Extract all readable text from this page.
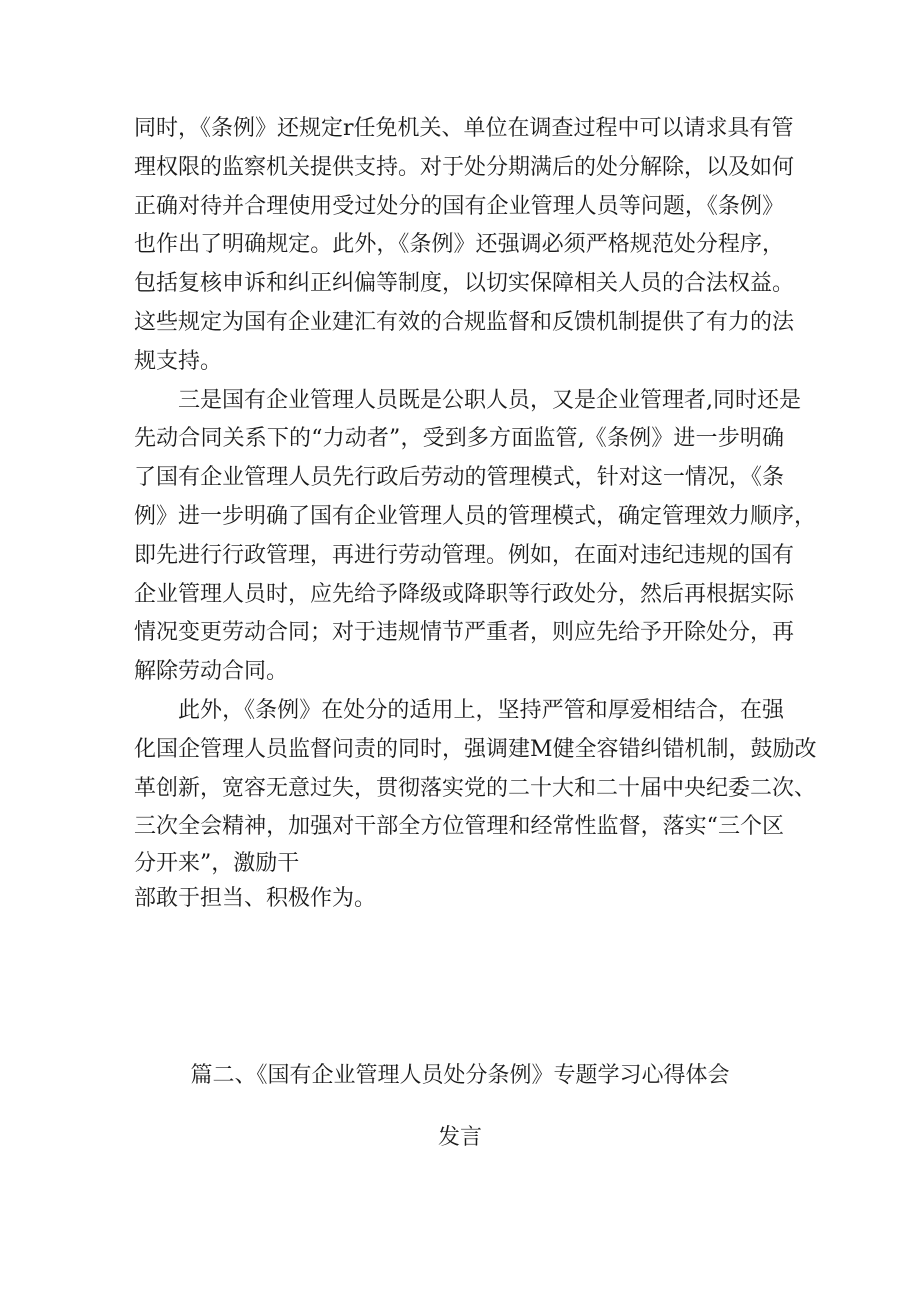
同时，《条例》还规定r任免机关、单位在调查过程中可以请求具有管
理权限的监察机关提供支持。对于处分期满后的处分解除，以及如何
正确对待并合理使用受过处分的国有企业管理人员等问题，《条例》
也作出了明确规定。此外，《条例》还强调必须严格规范处分程序，
包括复核申诉和纠正纠偏等制度，以切实保障相关人员的合法权益。
这些规定为国有企业建汇有效的合规监督和反馈机制提供了有力的法
规支持。
三是国有企业管理人员既是公职人员，又是企业管理者,同时还是
先动合同关系下的“力动者”，受到多方面监管,《条例》进一步明确
了国有企业管理人员先行政后劳动的管理模式，针对这一情况，《条
例》进一步明确了国有企业管理人员的管理模式，确定管理效力顺序，
即先进行行政管理，再进行劳动管理。例如，在面对违纪违规的国有
企业管理人员时，应先给予降级或降职等行政处分，然后再根据实际
情况变更劳动合同；对于违规情节严重者，则应先给予开除处分，再
解除劳动合同。
此外，《条例》在处分的适用上，坚持严管和厚爱相结合，在强
化国企管理人员监督问责的同时，强调建M健全容错纠错机制，鼓励改
革创新，宽容无意过失，贯彻落实党的二十大和二十届中央纪委二次、
三次全会精神，加强对干部全方位管理和经常性监督，落实“三个区
分开来”，激励干
部敢于担当、积极作为。
篇二、《国有企业管理人员处分条例》专题学习心得体会
发言
